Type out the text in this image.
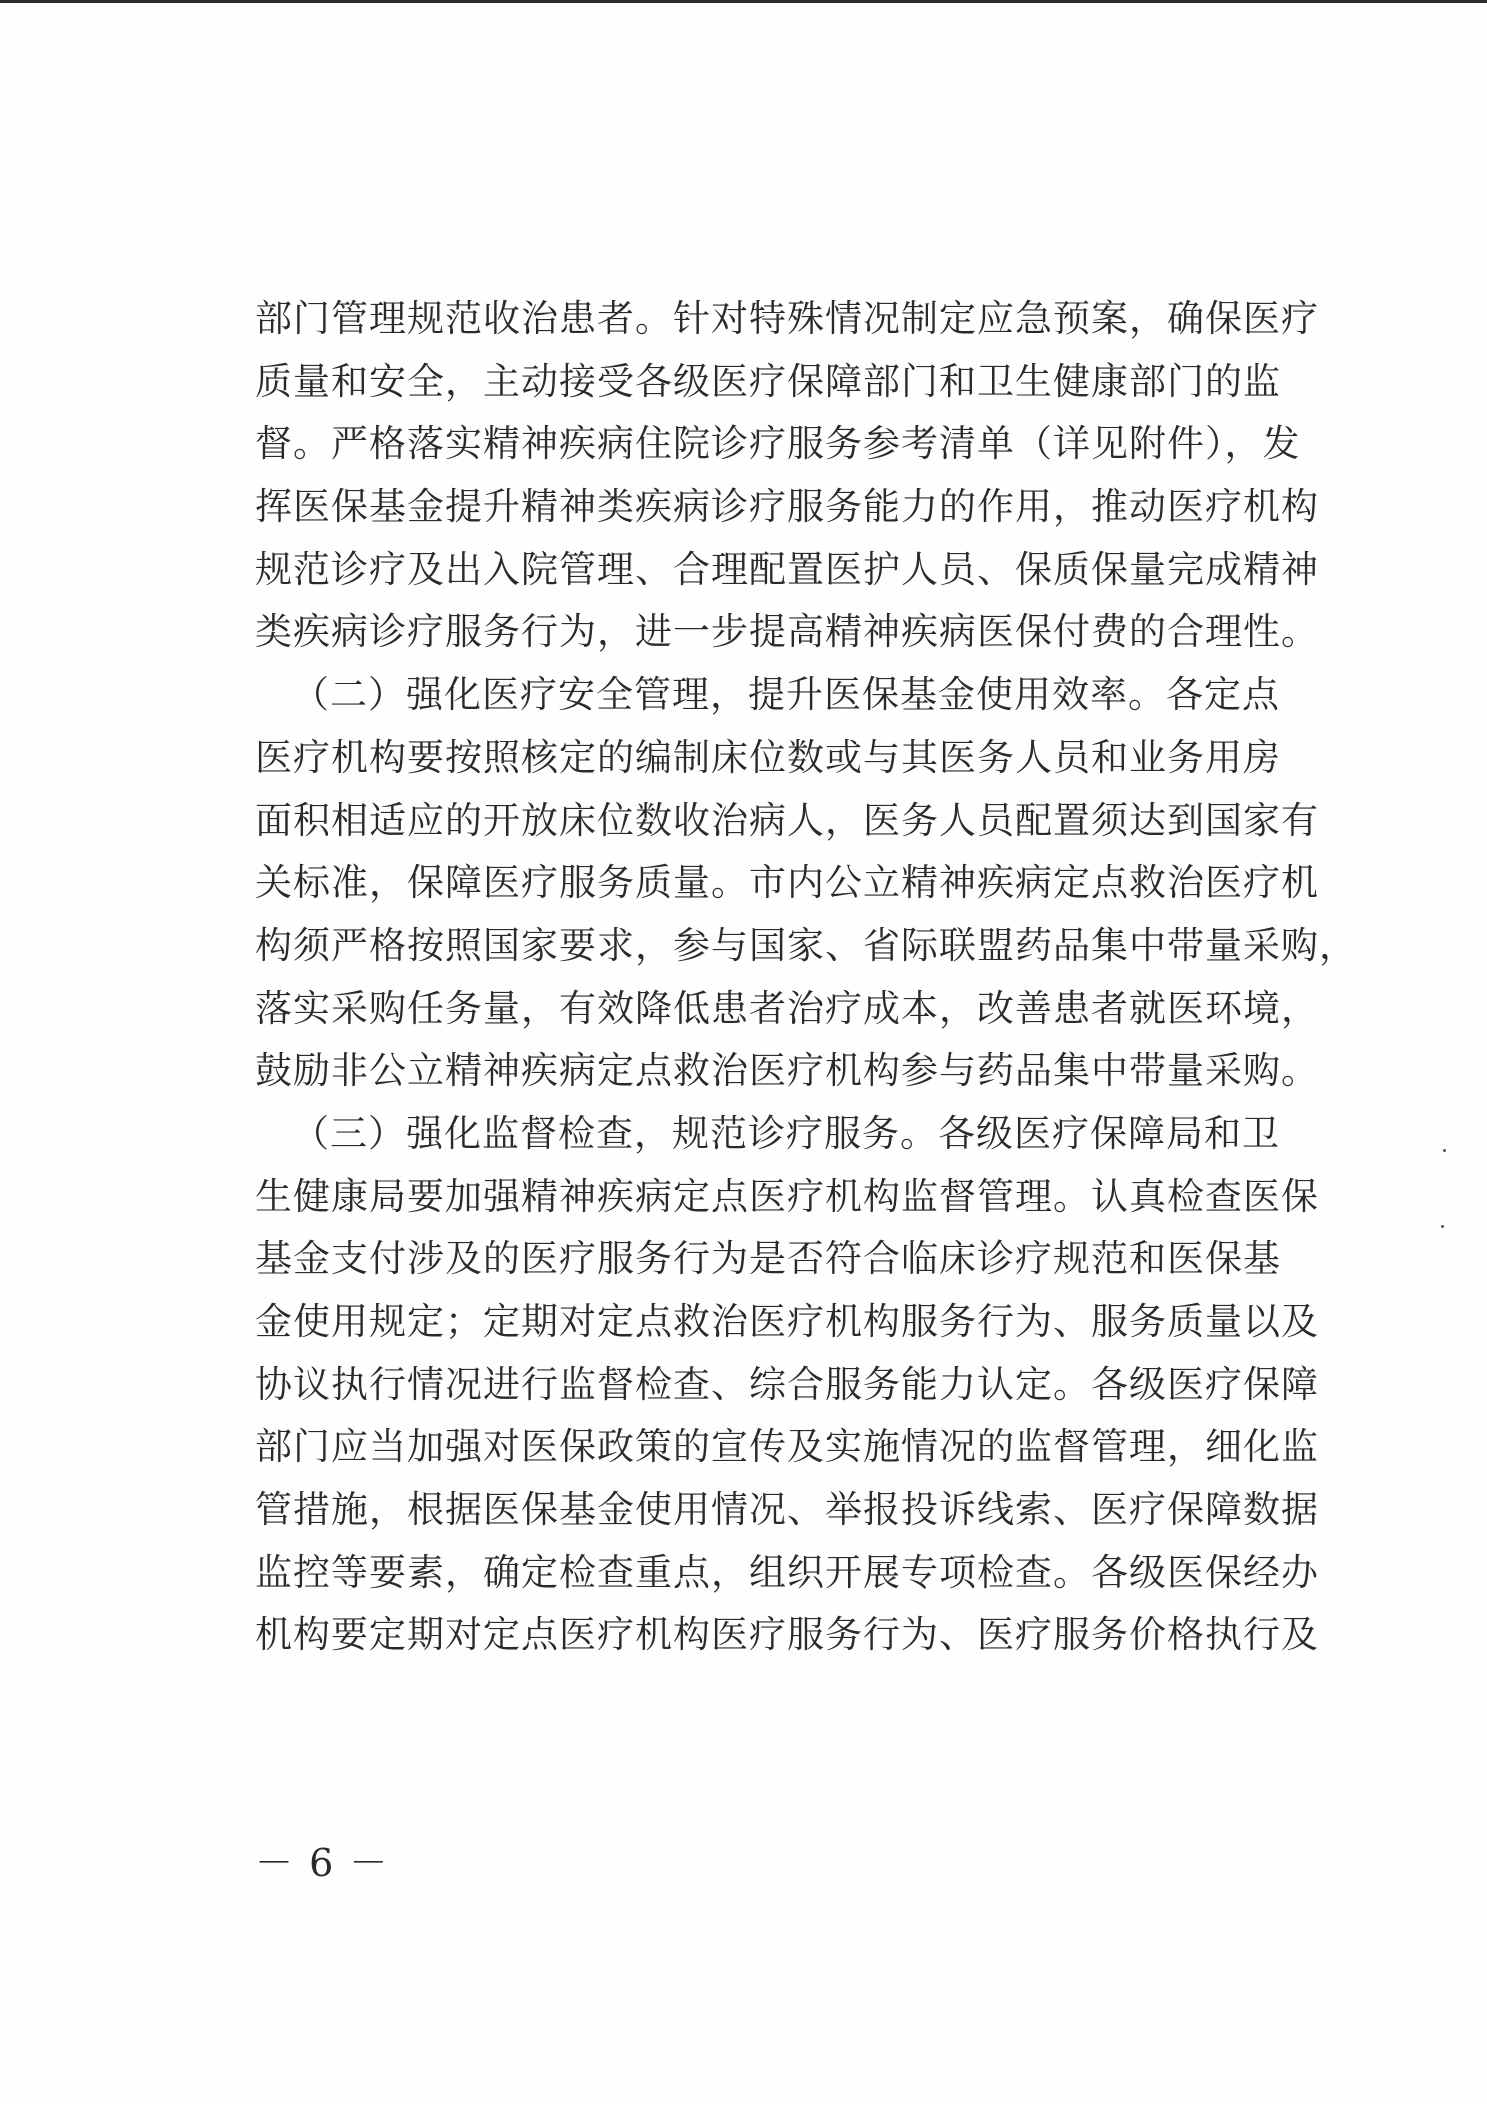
部门管理规范收治患者。针对特殊情况制定应急预案，确保医疗
质量和安全，主动接受各级医疗保障部门和卫生健康部门的监
督。严格落实精神疾病住院诊疗服务参考清单（详见附件），发
挥医保基金提升精神类疾病诊疗服务能力的作用，推动医疗机构
规范诊疗及出入院管理、合理配置医护人员、保质保量完成精神
类疾病诊疗服务行为，进一步提高精神疾病医保付费的合理性。
（二）强化医疗安全管理，提升医保基金使用效率。各定点
医疗机构要按照核定的编制床位数或与其医务人员和业务用房
面积相适应的开放床位数收治病人，医务人员配置须达到国家有
关标准，保障医疗服务质量。市内公立精神疾病定点救治医疗机
构须严格按照国家要求，参与国家、省际联盟药品集中带量采购，
落实采购任务量，有效降低患者治疗成本，改善患者就医环境，
鼓励非公立精神疾病定点救治医疗机构参与药品集中带量采购。
（三）强化监督检查，规范诊疗服务。各级医疗保障局和卫
生健康局要加强精神疾病定点医疗机构监督管理。认真检查医保
基金支付涉及的医疗服务行为是否符合临床诊疗规范和医保基
金使用规定；定期对定点救治医疗机构服务行为、服务质量以及
协议执行情况进行监督检查、综合服务能力认定。各级医疗保障
部门应当加强对医保政策的宣传及实施情况的监督管理，细化监
管措施，根据医保基金使用情况、举报投诉线索、医疗保障数据
监控等要素，确定检查重点，组织开展专项检查。各级医保经办
机构要定期对定点医疗机构医疗服务行为、医疗服务价格执行及
－ 6 －
